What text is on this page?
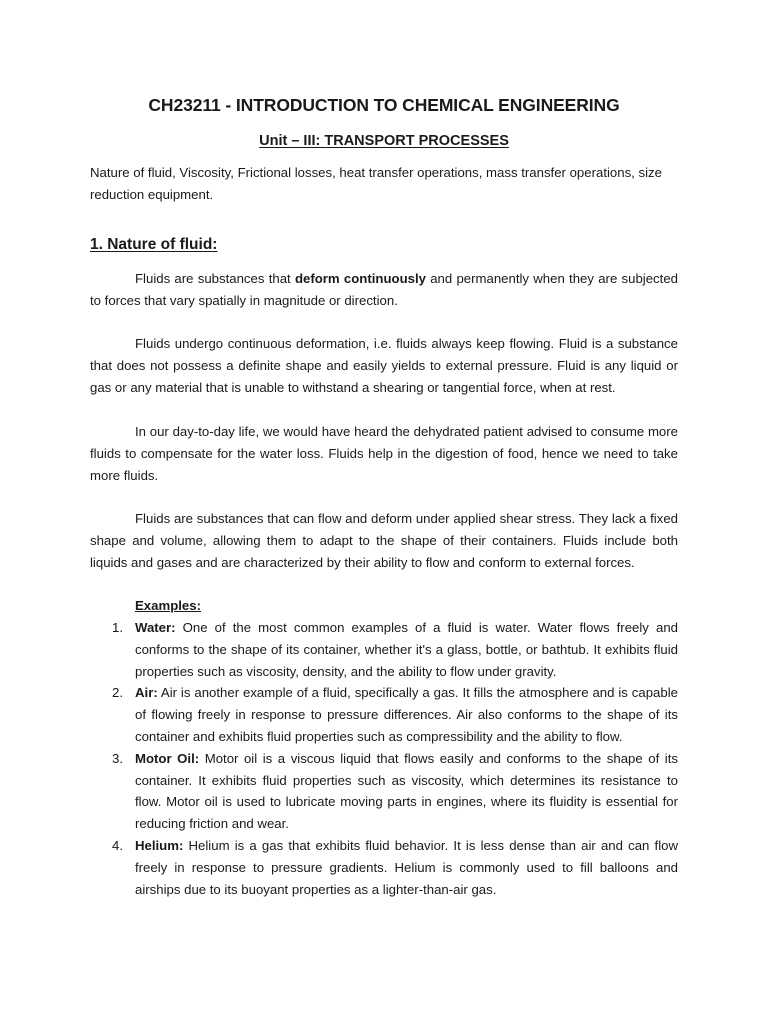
CH23211 - INTRODUCTION TO CHEMICAL ENGINEERING
Unit – III: TRANSPORT PROCESSES
Nature of fluid, Viscosity, Frictional losses, heat transfer operations, mass transfer operations, size reduction equipment.
1. Nature of fluid:
Fluids are substances that deform continuously and permanently when they are subjected to forces that vary spatially in magnitude or direction.
Fluids undergo continuous deformation, i.e. fluids always keep flowing. Fluid is a substance that does not possess a definite shape and easily yields to external pressure. Fluid is any liquid or gas or any material that is unable to withstand a shearing or tangential force, when at rest.
In our day-to-day life, we would have heard the dehydrated patient advised to consume more fluids to compensate for the water loss. Fluids help in the digestion of food, hence we need to take more fluids.
Fluids are substances that can flow and deform under applied shear stress. They lack a fixed shape and volume, allowing them to adapt to the shape of their containers. Fluids include both liquids and gases and are characterized by their ability to flow and conform to external forces.
Examples:
1. Water: One of the most common examples of a fluid is water. Water flows freely and conforms to the shape of its container, whether it's a glass, bottle, or bathtub. It exhibits fluid properties such as viscosity, density, and the ability to flow under gravity.
2. Air: Air is another example of a fluid, specifically a gas. It fills the atmosphere and is capable of flowing freely in response to pressure differences. Air also conforms to the shape of its container and exhibits fluid properties such as compressibility and the ability to flow.
3. Motor Oil: Motor oil is a viscous liquid that flows easily and conforms to the shape of its container. It exhibits fluid properties such as viscosity, which determines its resistance to flow. Motor oil is used to lubricate moving parts in engines, where its fluidity is essential for reducing friction and wear.
4. Helium: Helium is a gas that exhibits fluid behavior. It is less dense than air and can flow freely in response to pressure gradients. Helium is commonly used to fill balloons and airships due to its buoyant properties as a lighter-than-air gas.
